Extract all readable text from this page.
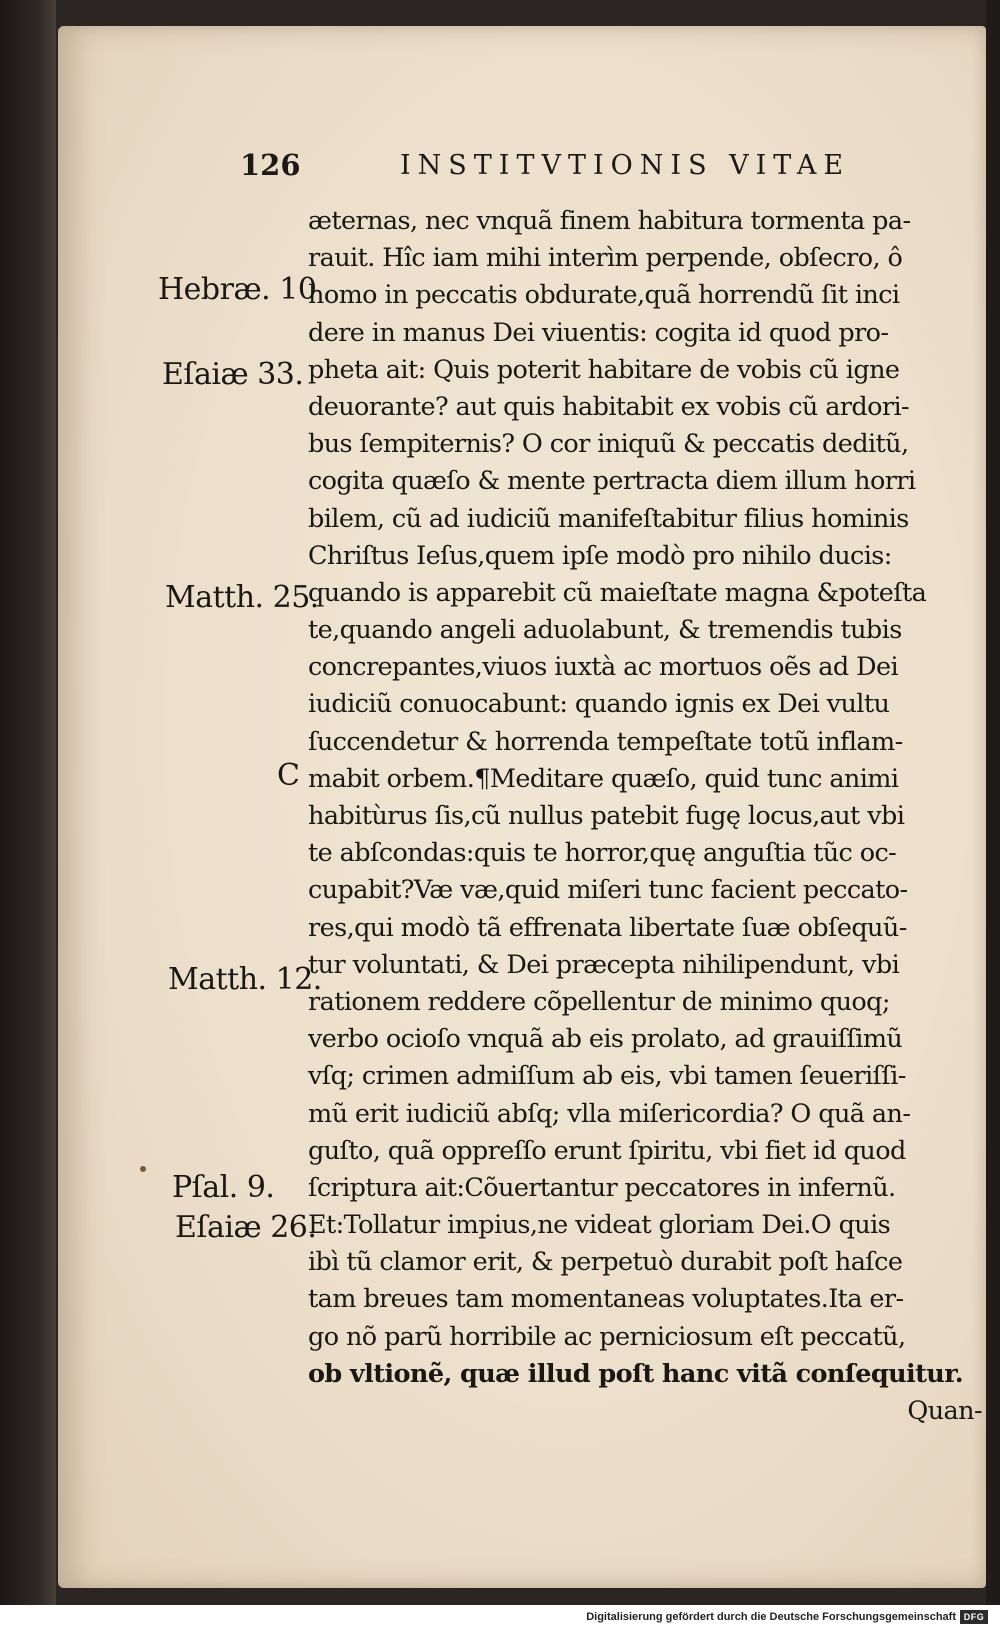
126	INSTITVTIONIS VITAE
æternas, nec vnquã finem habitura tormenta pa-
rauit. Hîc iam mihi interìm perpende, obſecro, ô
homo in peccatis obdurate,quã horrendũ ſit inci
dere in manus Dei viuentis: cogita id quod pro-
pheta ait: Quis poterit habitare de vobis cũ igne
deuorante? aut quis habitabit ex vobis cũ ardori-
bus ſempiternis? O cor iniquũ & peccatis deditũ,
cogita quæſo & mente pertracta diem illum horri
bilem, cũ ad iudiciũ manifeſtabitur filius hominis
Chriſtus Ieſus,quem ipſe modò pro nihilo ducis:
quando is apparebit cũ maieſtate magna &poteſta
te,quando angeli aduolabunt, & tremendis tubis
concrepantes,viuos iuxtà ac mortuos oẽs ad Dei
iudiciũ conuocabunt: quando ignis ex Dei vultu
ſuccendetur & horrenda tempeſtate totũ inflam-
mabit orbem.¶Meditare quæſo, quid tunc animi
habitùrus ſis,cũ nullus patebit fugę locus,aut vbi
te abſcondas:quis te horror,quę anguſtia tũc oc-
cupabit?Væ væ,quid miſeri tunc facient peccato-
res,qui modò tã effrenata libertate ſuæ obſequũ-
tur voluntati, & Dei præcepta nihilipendunt, vbi
rationem reddere cõpellentur de minimo quoq;
verbo ocioſo vnquã ab eis prolato, ad grauiſſimũ
vſq; crimen admiſſum ab eis, vbi tamen ſeueriſſi-
mũ erit iudiciũ abſq; vlla miſericordia? O quã an-
guſto, quã oppreſſo erunt ſpiritu, vbi fiet id quod
ſcriptura ait:Cõuertantur peccatores in infernũ.
Et:Tollatur impius,ne videat gloriam Dei.O quis
ibì tũ clamor erit, & perpetuò durabit poſt haſce
tam breues tam momentaneas voluptates.Ita er-
go nõ parũ horribile ac perniciosum eſt peccatũ,
ob vltionẽ, quæ illud poſt hanc vitã conſequitur.
Quan-
Hebræ. 10
Eſaiæ 33.
Matth. 25.
C
Matth. 12.
Pſal. 9.
Eſaiæ 26.
Digitalisierung gefördert durch die Deutsche Forschungsgemeinschaft DFG
